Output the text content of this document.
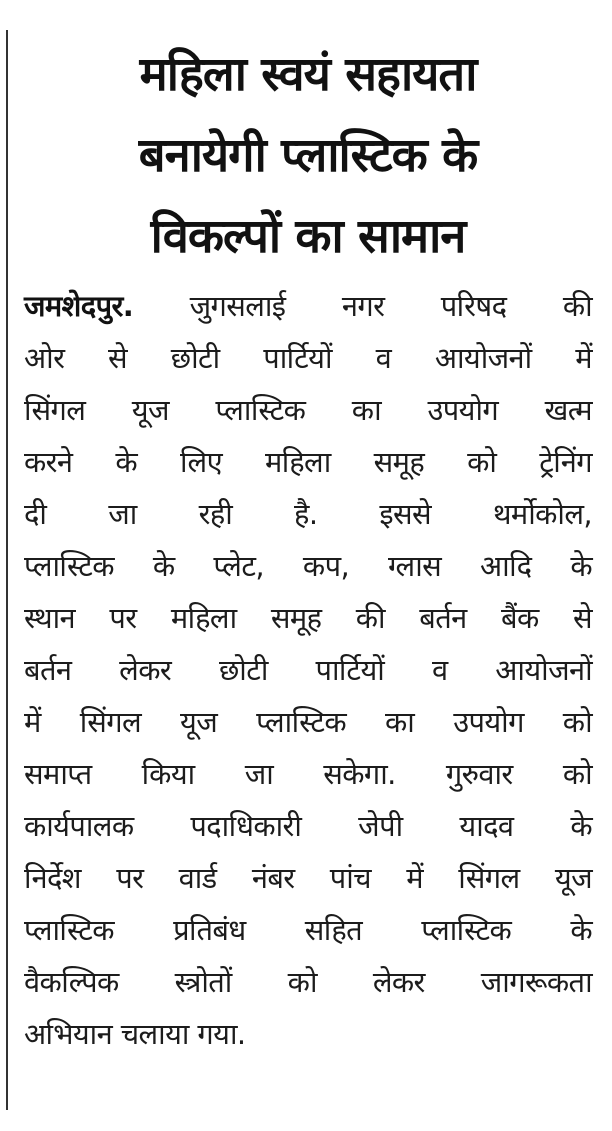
महिला स्वयं सहायता
बनायेगी प्लास्टिक के
विकल्पों का सामान
जमशेदपुर. जुगसलाई नगर परिषद की
ओर से छोटी पार्टियों व आयोजनों में
सिंगल यूज प्लास्टिक का उपयोग खत्म
करने के लिए महिला समूह को ट्रेनिंग
दी जा रही है. इससे थर्मोकोल,
प्लास्टिक के प्लेट, कप, ग्लास आदि के
स्थान पर महिला समूह की बर्तन बैंक से
बर्तन लेकर छोटी पार्टियों व आयोजनों
में सिंगल यूज प्लास्टिक का उपयोग को
समाप्त किया जा सकेगा. गुरुवार को
कार्यपालक पदाधिकारी जेपी यादव के
निर्देश पर वार्ड नंबर पांच में सिंगल यूज
प्लास्टिक प्रतिबंध सहित प्लास्टिक के
वैकल्पिक स्त्रोतों को लेकर जागरूकता
अभियान चलाया गया.
